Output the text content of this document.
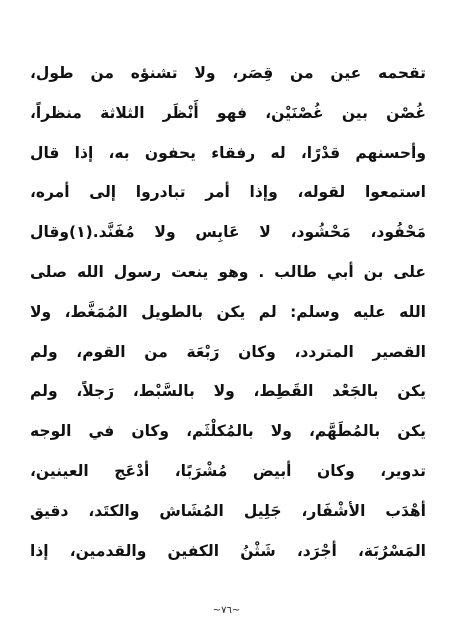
تقحمه عين من قِصَر، ولا تشنؤه من طول،
غُصْن بين غُصْنَيْن، فهو أَنْظَر الثلاثة منظراً،
وأحسنهم قدْرًا، له رفقاء يحفون به، إذا قال
استمعوا لقوله، وإذا أمر تبادروا إلى أمره،
مَحْفُود، مَحْشُود، لا عَابِس ولا مُفَنَّد.(١)وقال
على بن أبي طالب . وهو ينعت رسول الله صلى
الله عليه وسلم: لم يكن بالطويل المُمَغَّط، ولا
القصير المتردد، وكان رَبْعَة من القوم، ولم
يكن بالجَعْد القَطِط، ولا بالسَّبْط، رَجلاً، ولم
يكن بالمُطَهَّم، ولا بالمُكلْثَم، وكان في الوجه
تدوير، وكان أبيض مُشْرَبًا، أدْعَج العينين،
أهْدَب الأشْفَار، جَلِيل المُشَاش والكتَد، دقيق
المَسْرُبَة، أجْرَد، شَثْنُ الكفين والقدمين، إذا
~٧٦~
